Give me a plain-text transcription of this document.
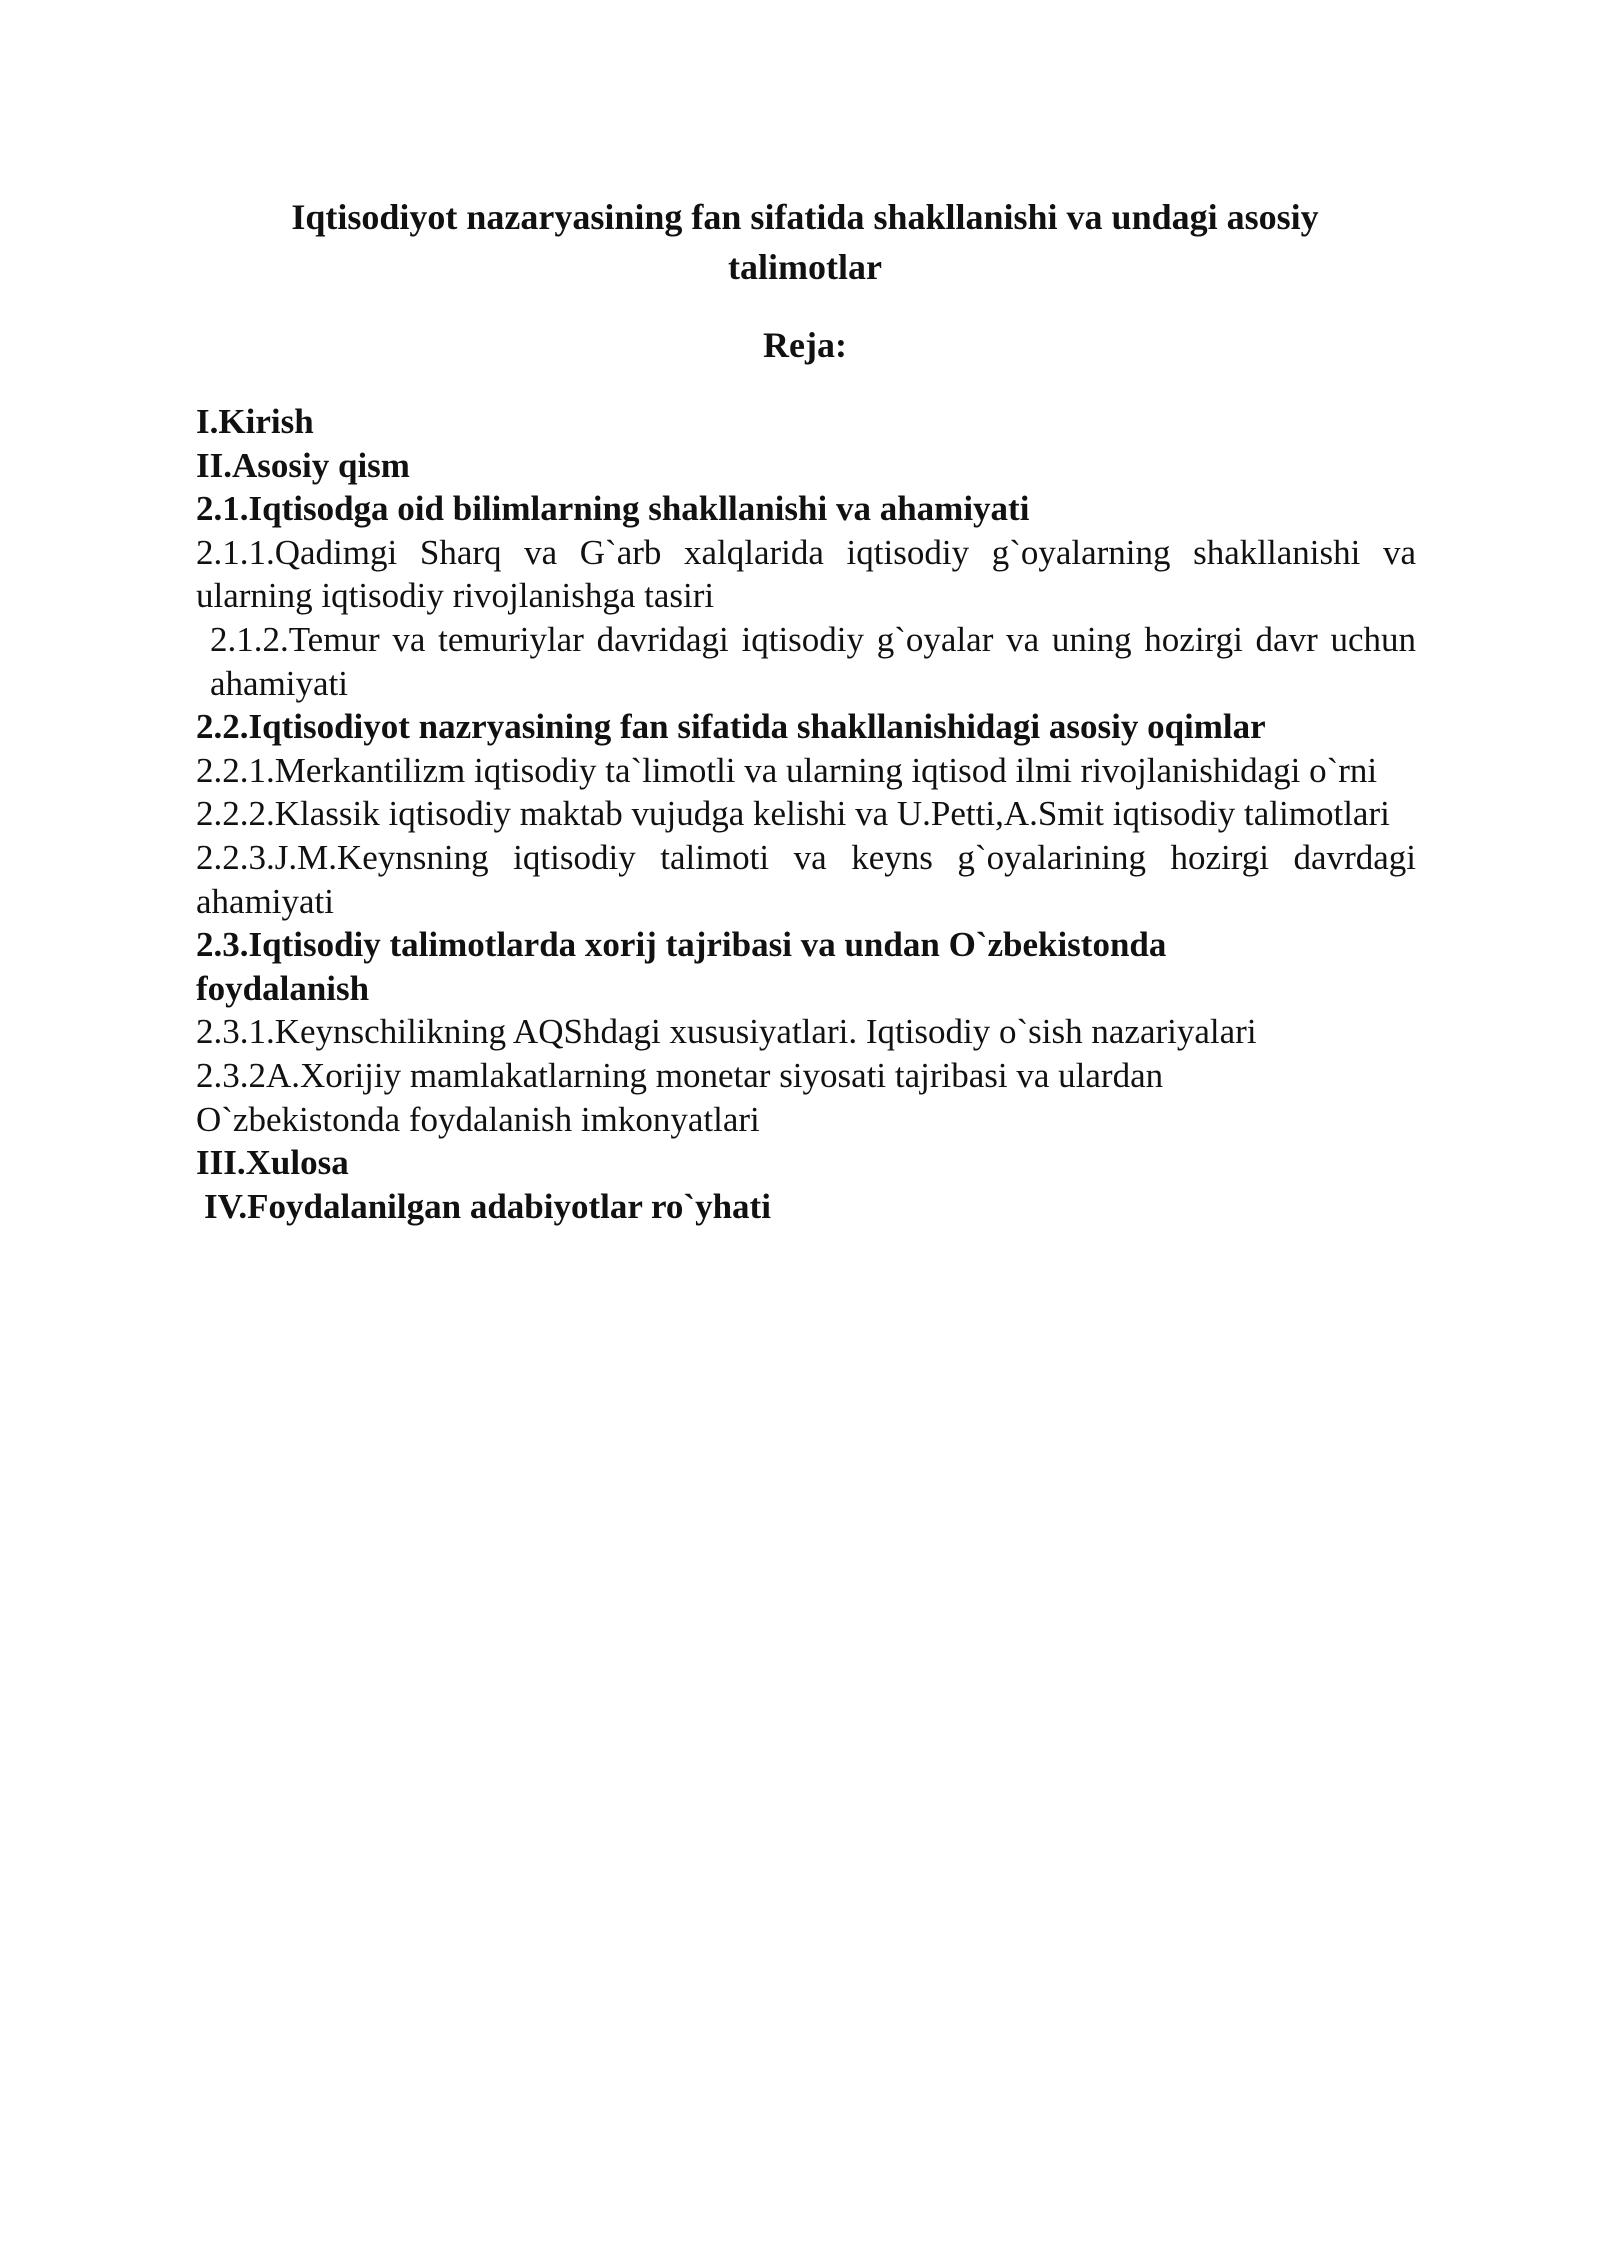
Iqtisodiyot nazaryasining fan sifatida shakllanishi va undagi asosiy talimotlar
Reja:
I.Kirish
II.Asosiy qism
2.1.Iqtisodga oid bilimlarning shakllanishi va ahamiyati
2.1.1.Qadimgi Sharq va G`arb xalqlarida iqtisodiy g`oyalarning shakllanishi va ularning iqtisodiy rivojlanishga tasiri
2.1.2.Temur va temuriylar davridagi iqtisodiy g`oyalar va uning hozirgi davr uchun ahamiyati
2.2.Iqtisodiyot nazryasining fan sifatida shakllanishidagi asosiy oqimlar
2.2.1.Merkantilizm iqtisodiy ta`limotli va ularning iqtisod ilmi rivojlanishidagi o`rni
2.2.2.Klassik iqtisodiy maktab vujudga kelishi va U.Petti,A.Smit iqtisodiy talimotlari
2.2.3.J.M.Keynsning iqtisodiy talimoti va keyns g`oyalarining hozirgi davrdagi ahamiyati
2.3.Iqtisodiy talimotlarda xorij tajribasi va undan O`zbekistonda foydalanish
2.3.1.Keynschilikning AQShdagi xususiyatlari. Iqtisodiy o`sish nazariyalari
2.3.2A.Xorijiy mamlakatlarning monetar siyosati tajribasi va ulardan
O`zbekistonda foydalanish imkonyatlari
III.Xulosa
IV.Foydalanilgan adabiyotlar ro`yhati
